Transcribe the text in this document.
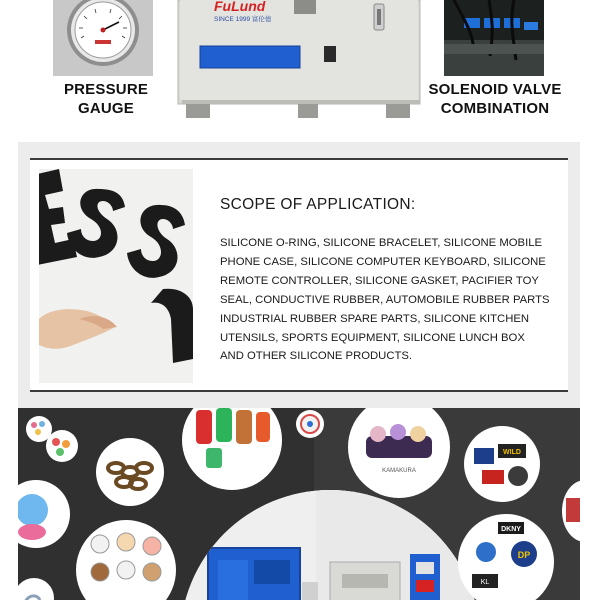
PRESSURE
GAUGE
FuLund
SINCE 1999 富伦德
SOLENOID VALVE
COMBINATION
SCOPE OF APPLICATION:
SILICONE O-RING, SILICONE BRACELET, SILICONE MOBILE
PHONE CASE, SILICONE COMPUTER KEYBOARD, SILICONE
REMOTE CONTROLLER, SILICONE GASKET, PACIFIER TOY
SEAL, CONDUCTIVE RUBBER, AUTOMOBILE RUBBER PARTS
INDUSTRIAL RUBBER SPARE PARTS, SILICONE KITCHEN
UTENSILS, SPORTS EQUIPMENT, SILICONE LUNCH BOX
AND OTHER SILICONE PRODUCTS.
KAMAKURA
WILD
DKNY
DP
KL
